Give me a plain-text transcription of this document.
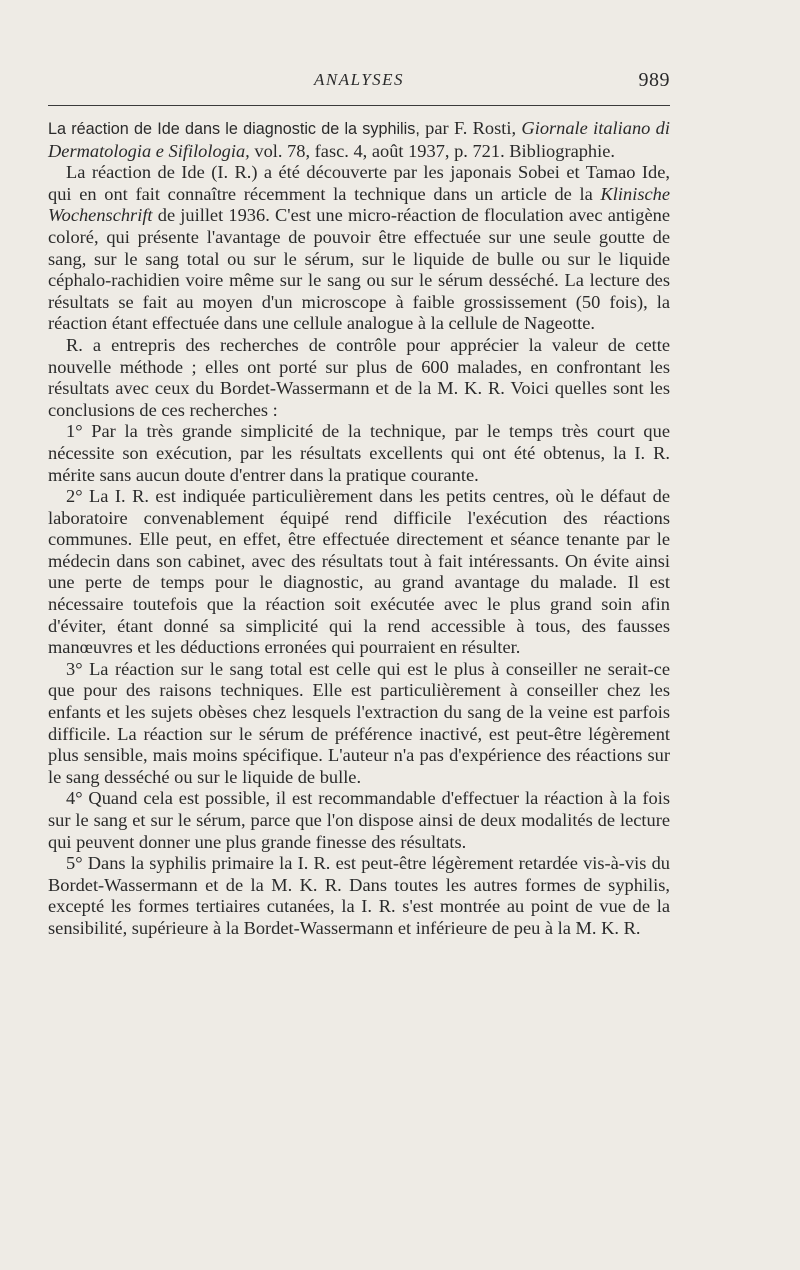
ANALYSES	989

La réaction de Ide dans le diagnostic de la syphilis, par F. Rosti, Giornale italiano di Dermatologia e Sifilologia, vol. 78, fasc. 4, août 1937, p. 721. Bibliographie.

La réaction de Ide (I. R.) a été découverte par les japonais Sobei et Tamao Ide, qui en ont fait connaître récemment la technique dans un article de la Klinische Wochenschrift de juillet 1936. C'est une micro-réaction de floculation avec antigène coloré, qui présente l'avantage de pouvoir être effectuée sur une seule goutte de sang, sur le sang total ou sur le sérum, sur le liquide de bulle ou sur le liquide céphalo-rachidien voire même sur le sang ou sur le sérum desséché. La lecture des résultats se fait au moyen d'un microscope à faible grossissement (50 fois), la réaction étant effectuée dans une cellule analogue à la cellule de Nageotte.

R. a entrepris des recherches de contrôle pour apprécier la valeur de cette nouvelle méthode ; elles ont porté sur plus de 600 malades, en confrontant les résultats avec ceux du Bordet-Wassermann et de la M. K. R. Voici quelles sont les conclusions de ces recherches :

1° Par la très grande simplicité de la technique, par le temps très court que nécessite son exécution, par les résultats excellents qui ont été obtenus, la I. R. mérite sans aucun doute d'entrer dans la pratique courante.

2° La I. R. est indiquée particulièrement dans les petits centres, où le défaut de laboratoire convenablement équipé rend difficile l'exécution des réactions communes. Elle peut, en effet, être effectuée directement et séance tenante par le médecin dans son cabinet, avec des résultats tout à fait intéressants. On évite ainsi une perte de temps pour le diagnostic, au grand avantage du malade. Il est nécessaire toutefois que la réaction soit exécutée avec le plus grand soin afin d'éviter, étant donné sa simplicité qui la rend accessible à tous, des fausses manœuvres et les déductions erronées qui pourraient en résulter.

3° La réaction sur le sang total est celle qui est le plus à conseiller ne serait-ce que pour des raisons techniques. Elle est particulièrement à conseiller chez les enfants et les sujets obèses chez lesquels l'extraction du sang de la veine est parfois difficile. La réaction sur le sérum de préférence inactivé, est peut-être légèrement plus sensible, mais moins spécifique. L'auteur n'a pas d'expérience des réactions sur le sang desséché ou sur le liquide de bulle.

4° Quand cela est possible, il est recommandable d'effectuer la réaction à la fois sur le sang et sur le sérum, parce que l'on dispose ainsi de deux modalités de lecture qui peuvent donner une plus grande finesse des résultats.

5° Dans la syphilis primaire la I. R. est peut-être légèrement retardée vis-à-vis du Bordet-Wassermann et de la M. K. R. Dans toutes les autres formes de syphilis, excepté les formes tertiaires cutanées, la I. R. s'est montrée au point de vue de la sensibilité, supérieure à la Bordet-Wassermann et inférieure de peu à la M. K. R.
